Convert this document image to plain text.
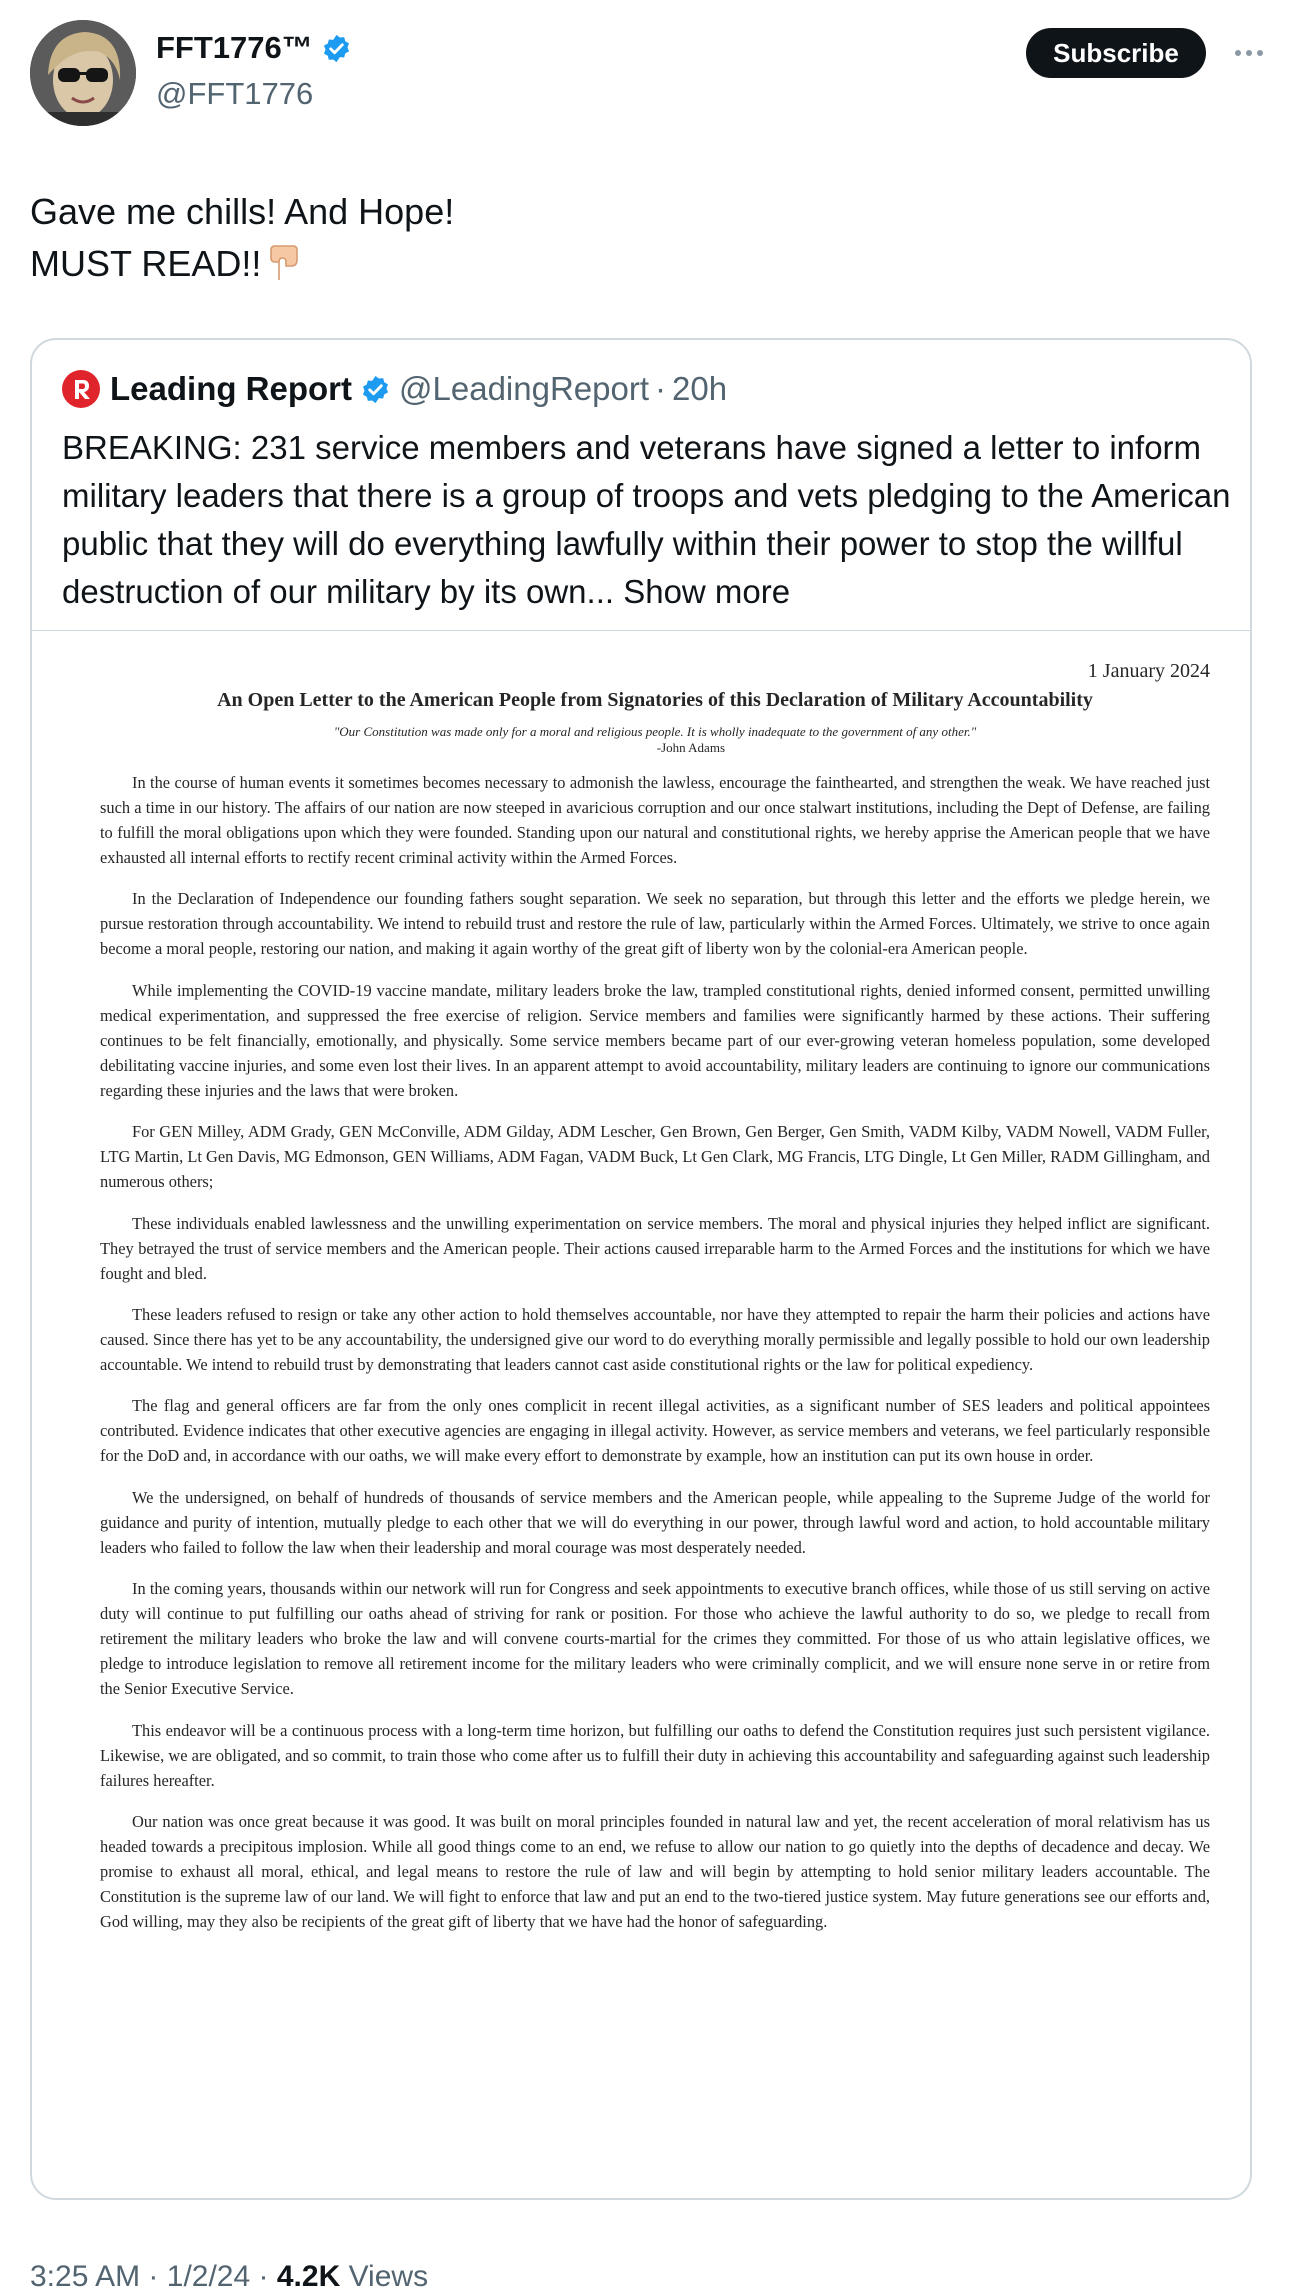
FFT1776™
@FFT1776
Subscribe
Gave me chills! And Hope!
MUST READ!!
Leading Report @LeadingReport · 20h
BREAKING: 231 service members and veterans have signed a letter to inform military leaders that there is a group of troops and vets pledging to the American public that they will do everything lawfully within their power to stop the willful destruction of our military by its own... Show more
1 January 2024
An Open Letter to the American People from Signatories of this Declaration of Military Accountability
"Our Constitution was made only for a moral and religious people. It is wholly inadequate to the government of any other."
-John Adams

In the course of human events it sometimes becomes necessary to admonish the lawless, encourage the fainthearted, and strengthen the weak. We have reached just such a time in our history. The affairs of our nation are now steeped in avaricious corruption and our once stalwart institutions, including the Dept of Defense, are failing to fulfill the moral obligations upon which they were founded. Standing upon our natural and constitutional rights, we hereby apprise the American people that we have exhausted all internal efforts to rectify recent criminal activity within the Armed Forces.

In the Declaration of Independence our founding fathers sought separation. We seek no separation, but through this letter and the efforts we pledge herein, we pursue restoration through accountability. We intend to rebuild trust and restore the rule of law, particularly within the Armed Forces. Ultimately, we strive to once again become a moral people, restoring our nation, and making it again worthy of the great gift of liberty won by the colonial-era American people.

While implementing the COVID-19 vaccine mandate, military leaders broke the law, trampled constitutional rights, denied informed consent, permitted unwilling medical experimentation, and suppressed the free exercise of religion. Service members and families were significantly harmed by these actions. Their suffering continues to be felt financially, emotionally, and physically. Some service members became part of our ever-growing veteran homeless population, some developed debilitating vaccine injuries, and some even lost their lives. In an apparent attempt to avoid accountability, military leaders are continuing to ignore our communications regarding these injuries and the laws that were broken.

For GEN Milley, ADM Grady, GEN McConville, ADM Gilday, ADM Lescher, Gen Brown, Gen Berger, Gen Smith, VADM Kilby, VADM Nowell, VADM Fuller, LTG Martin, Lt Gen Davis, MG Edmonson, GEN Williams, ADM Fagan, VADM Buck, Lt Gen Clark, MG Francis, LTG Dingle, Lt Gen Miller, RADM Gillingham, and numerous others;

These individuals enabled lawlessness and the unwilling experimentation on service members. The moral and physical injuries they helped inflict are significant. They betrayed the trust of service members and the American people. Their actions caused irreparable harm to the Armed Forces and the institutions for which we have fought and bled.

These leaders refused to resign or take any other action to hold themselves accountable, nor have they attempted to repair the harm their policies and actions have caused. Since there has yet to be any accountability, the undersigned give our word to do everything morally permissible and legally possible to hold our own leadership accountable. We intend to rebuild trust by demonstrating that leaders cannot cast aside constitutional rights or the law for political expediency.

The flag and general officers are far from the only ones complicit in recent illegal activities, as a significant number of SES leaders and political appointees contributed. Evidence indicates that other executive agencies are engaging in illegal activity. However, as service members and veterans, we feel particularly responsible for the DoD and, in accordance with our oaths, we will make every effort to demonstrate by example, how an institution can put its own house in order.

We the undersigned, on behalf of hundreds of thousands of service members and the American people, while appealing to the Supreme Judge of the world for guidance and purity of intention, mutually pledge to each other that we will do everything in our power, through lawful word and action, to hold accountable military leaders who failed to follow the law when their leadership and moral courage was most desperately needed.

In the coming years, thousands within our network will run for Congress and seek appointments to executive branch offices, while those of us still serving on active duty will continue to put fulfilling our oaths ahead of striving for rank or position. For those who achieve the lawful authority to do so, we pledge to recall from retirement the military leaders who broke the law and will convene courts-martial for the crimes they committed. For those of us who attain legislative offices, we pledge to introduce legislation to remove all retirement income for the military leaders who were criminally complicit, and we will ensure none serve in or retire from the Senior Executive Service.

This endeavor will be a continuous process with a long-term time horizon, but fulfilling our oaths to defend the Constitution requires just such persistent vigilance. Likewise, we are obligated, and so commit, to train those who come after us to fulfill their duty in achieving this accountability and safeguarding against such leadership failures hereafter.

Our nation was once great because it was good. It was built on moral principles founded in natural law and yet, the recent acceleration of moral relativism has us headed towards a precipitous implosion. While all good things come to an end, we refuse to allow our nation to go quietly into the depths of decadence and decay. We promise to exhaust all moral, ethical, and legal means to restore the rule of law and will begin by attempting to hold senior military leaders accountable. The Constitution is the supreme law of our land. We will fight to enforce that law and put an end to the two-tiered justice system. May future generations see our efforts and, God willing, may they also be recipients of the great gift of liberty that we have had the honor of safeguarding.

3:25 AM · 1/2/24 · 4.2K Views
